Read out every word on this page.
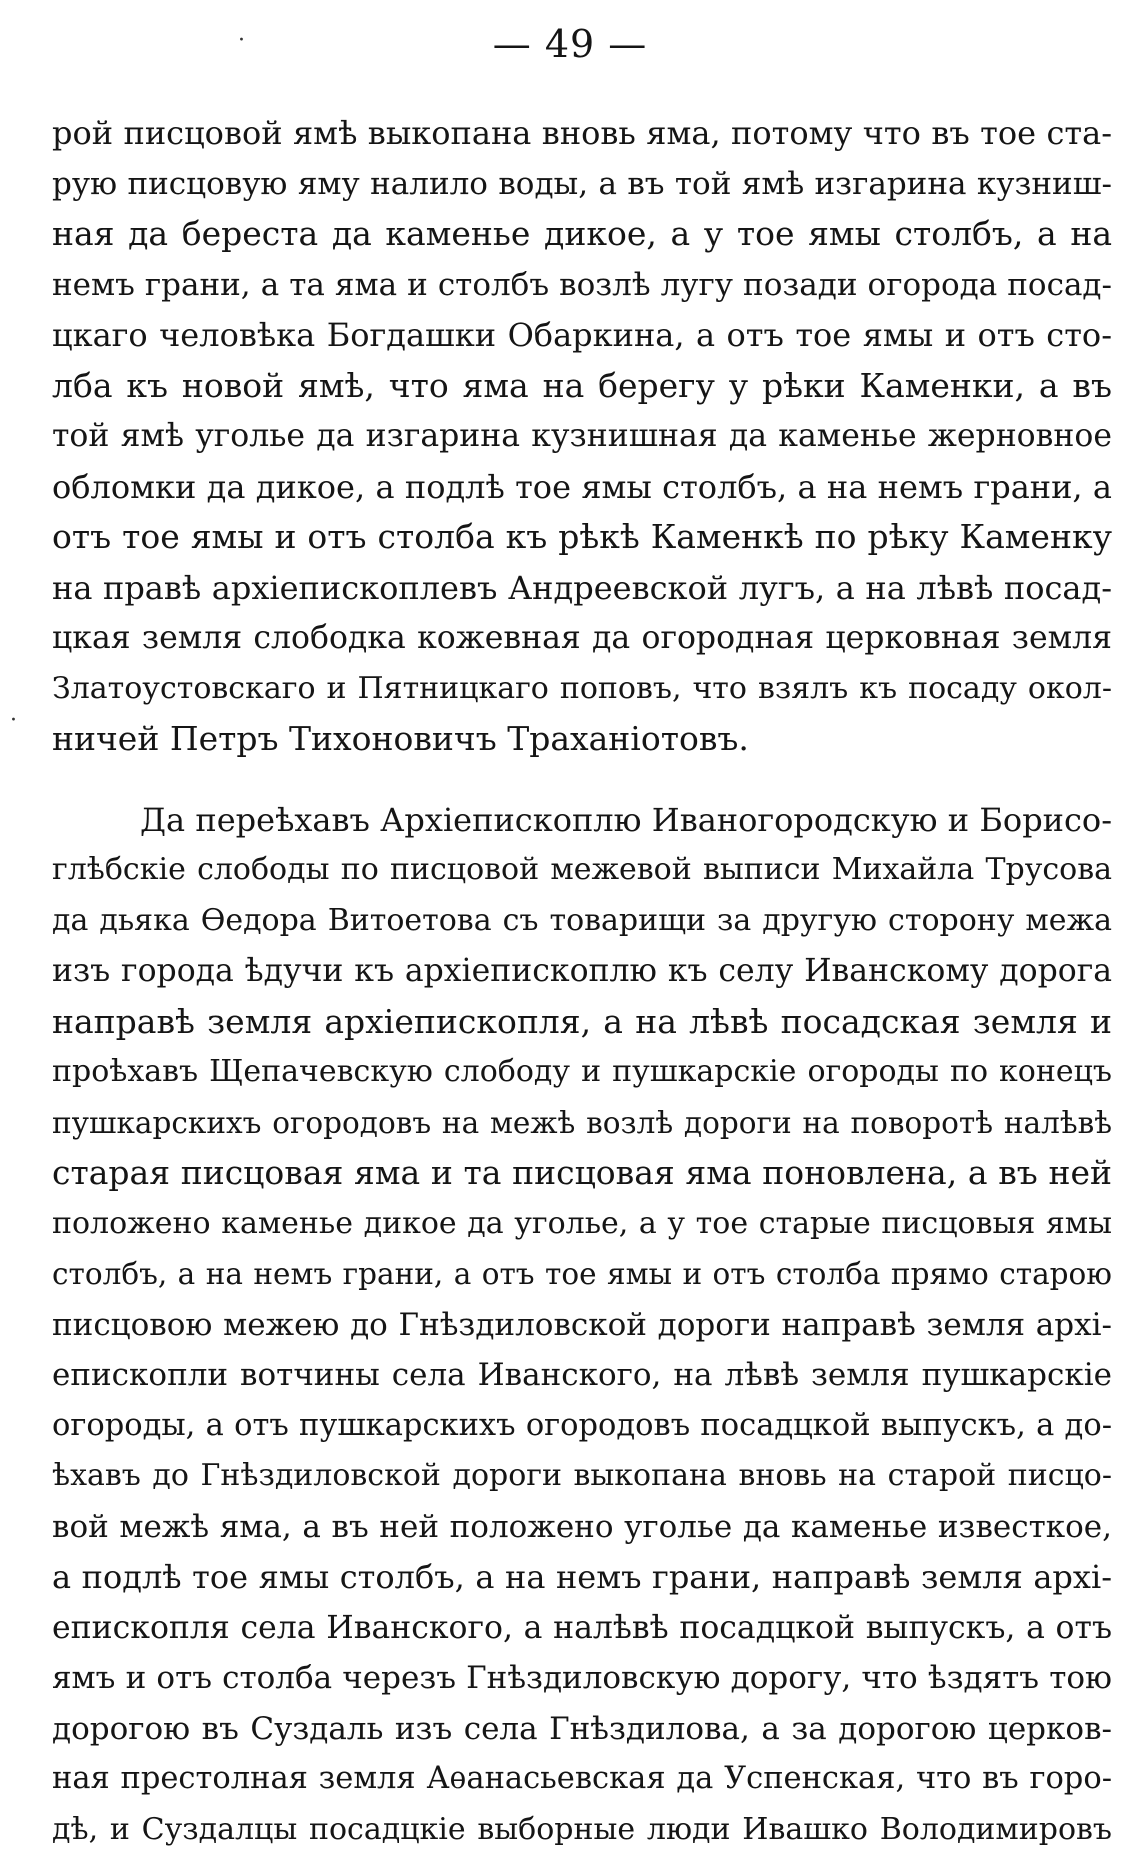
— 49 —
·
·
рой писцовой ямѣ выкопана вновь яма, потому что въ тое ста-
рую писцовую яму налило воды, а въ той ямѣ изгарина кузниш-
ная да береста да каменье дикое, а у тое ямы столбъ, а на
немъ грани, а та яма и столбъ возлѣ лугу позади огорода посад-
цкаго человѣка Богдашки Обаркина, а отъ тое ямы и отъ сто-
лба къ новой ямѣ, что яма на берегу у рѣки Каменки, а въ
той ямѣ уголье да изгарина кузнишная да каменье жерновное
обломки да дикое, а подлѣ тое ямы столбъ, а на немъ грани, а
отъ тое ямы и отъ столба къ рѣкѣ Каменкѣ по рѣку Каменку
на правѣ архіепископлевъ Андреевской лугъ, а на лѣвѣ посад-
цкая земля слободка кожевная да огородная церковная земля
Златоустовскаго и Пятницкаго поповъ, что взялъ къ посаду окол-
ничей Петръ Тихоновичъ Траханіотовъ.
Да переѣхавъ Архіепископлю Иваногородскую и Борисо-
глѣбскіе слободы по писцовой межевой выписи Михайла Трусова
да дьяка Өедора Витоетова съ товарищи за другую сторону межа
изъ города ѣдучи къ архіепископлю къ селу Иванскому дорога
направѣ земля архіепископля, а на лѣвѣ посадская земля и
проѣхавъ Щепачевскую слободу и пушкарскіе огороды по конецъ
пушкарскихъ огородовъ на межѣ возлѣ дороги на поворотѣ налѣвѣ
старая писцовая яма и та писцовая яма поновлена, а въ ней
положено каменье дикое да уголье, а у тое старые писцовыя ямы
столбъ, а на немъ грани, а отъ тое ямы и отъ столба прямо старою
писцовою межею до Гнѣздиловской дороги направѣ земля архі-
епископли вотчины села Иванского, на лѣвѣ земля пушкарскіе
огороды, а отъ пушкарскихъ огородовъ посадцкой выпускъ, а до-
ѣхавъ до Гнѣздиловской дороги выкопана вновь на старой писцо-
вой межѣ яма, а въ ней положено уголье да каменье известкое,
а подлѣ тое ямы столбъ, а на немъ грани, направѣ земля архі-
епископля села Иванского, а налѣвѣ посадцкой выпускъ, а отъ
ямъ и отъ столба черезъ Гнѣздиловскую дорогу, что ѣздятъ тою
дорогою въ Суздаль изъ села Гнѣздилова, а за дорогою церков-
ная престолная земля Аѳанасьевская да Успенская, что въ горо-
дѣ, и Суздалцы посадцкіе выборные люди Ивашко Володимировъ
